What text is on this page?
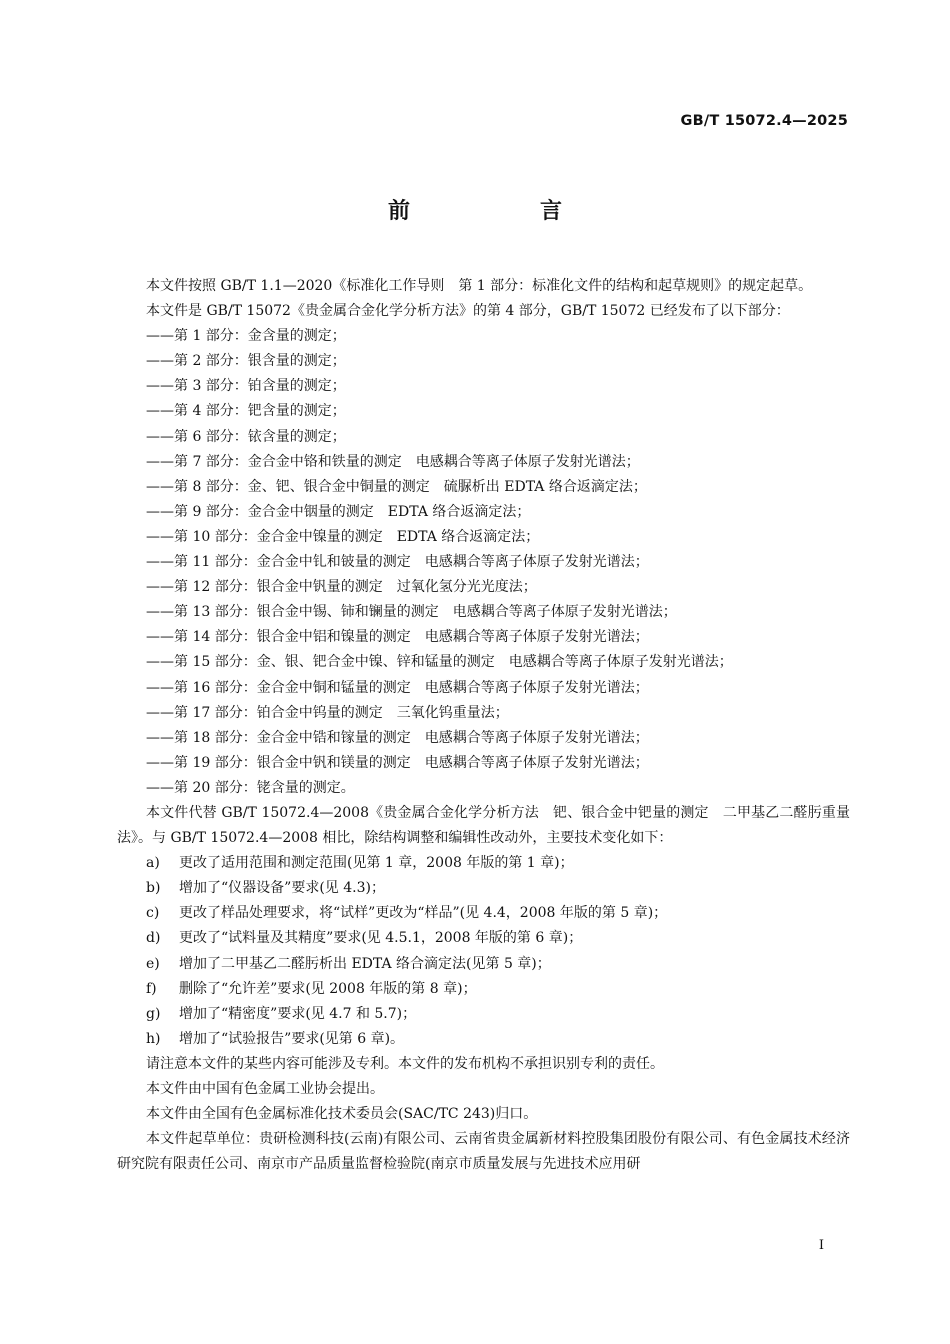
GB/T 15072.4—2025
前　言

本文件按照 GB/T 1.1—2020《标准化工作导则　第 1 部分：标准化文件的结构和起草规则》的规定起草。

本文件是 GB/T 15072《贵金属合金化学分析方法》的第 4 部分，GB/T 15072 已经发布了以下部分：

——第 1 部分：金含量的测定；

——第 2 部分：银含量的测定；

——第 3 部分：铂含量的测定；

——第 4 部分：钯含量的测定；

——第 6 部分：铱含量的测定；

——第 7 部分：金合金中铬和铁量的测定　电感耦合等离子体原子发射光谱法；

——第 8 部分：金、钯、银合金中铜量的测定　硫脲析出 EDTA 络合返滴定法；

——第 9 部分：金合金中铟量的测定　EDTA 络合返滴定法；

——第 10 部分：金合金中镍量的测定　EDTA 络合返滴定法；

——第 11 部分：金合金中钆和铍量的测定　电感耦合等离子体原子发射光谱法；

——第 12 部分：银合金中钒量的测定　过氧化氢分光光度法；

——第 13 部分：银合金中锡、铈和镧量的测定　电感耦合等离子体原子发射光谱法；

——第 14 部分：银合金中铝和镍量的测定　电感耦合等离子体原子发射光谱法；

——第 15 部分：金、银、钯合金中镍、锌和锰量的测定　电感耦合等离子体原子发射光谱法；

——第 16 部分：金合金中铜和锰量的测定　电感耦合等离子体原子发射光谱法；

——第 17 部分：铂合金中钨量的测定　三氧化钨重量法；

——第 18 部分：金合金中锆和镓量的测定　电感耦合等离子体原子发射光谱法；

——第 19 部分：银合金中钒和镁量的测定　电感耦合等离子体原子发射光谱法；

——第 20 部分：铑含量的测定。

本文件代替 GB/T 15072.4—2008《贵金属合金化学分析方法　钯、银合金中钯量的测定　二甲基乙二醛肟重量法》。与 GB/T 15072.4—2008 相比，除结构调整和编辑性改动外，主要技术变化如下：

a) 更改了适用范围和测定范围(见第 1 章，2008 年版的第 1 章)；

b) 增加了“仪器设备”要求(见 4.3)；

c) 更改了样品处理要求，将“试样”更改为“样品”(见 4.4，2008 年版的第 5 章)；

d) 更改了“试料量及其精度”要求(见 4.5.1，2008 年版的第 6 章)；

e) 增加了二甲基乙二醛肟析出 EDTA 络合滴定法(见第 5 章)；

f) 删除了“允许差”要求(见 2008 年版的第 8 章)；

g) 增加了“精密度”要求(见 4.7 和 5.7)；

h) 增加了“试验报告”要求(见第 6 章)。

请注意本文件的某些内容可能涉及专利。本文件的发布机构不承担识别专利的责任。

本文件由中国有色金属工业协会提出。

本文件由全国有色金属标准化技术委员会(SAC/TC 243)归口。

本文件起草单位：贵研检测科技(云南)有限公司、云南省贵金属新材料控股集团股份有限公司、有色金属技术经济研究院有限责任公司、南京市产品质量监督检验院(南京市质量发展与先进技术应用研

I
